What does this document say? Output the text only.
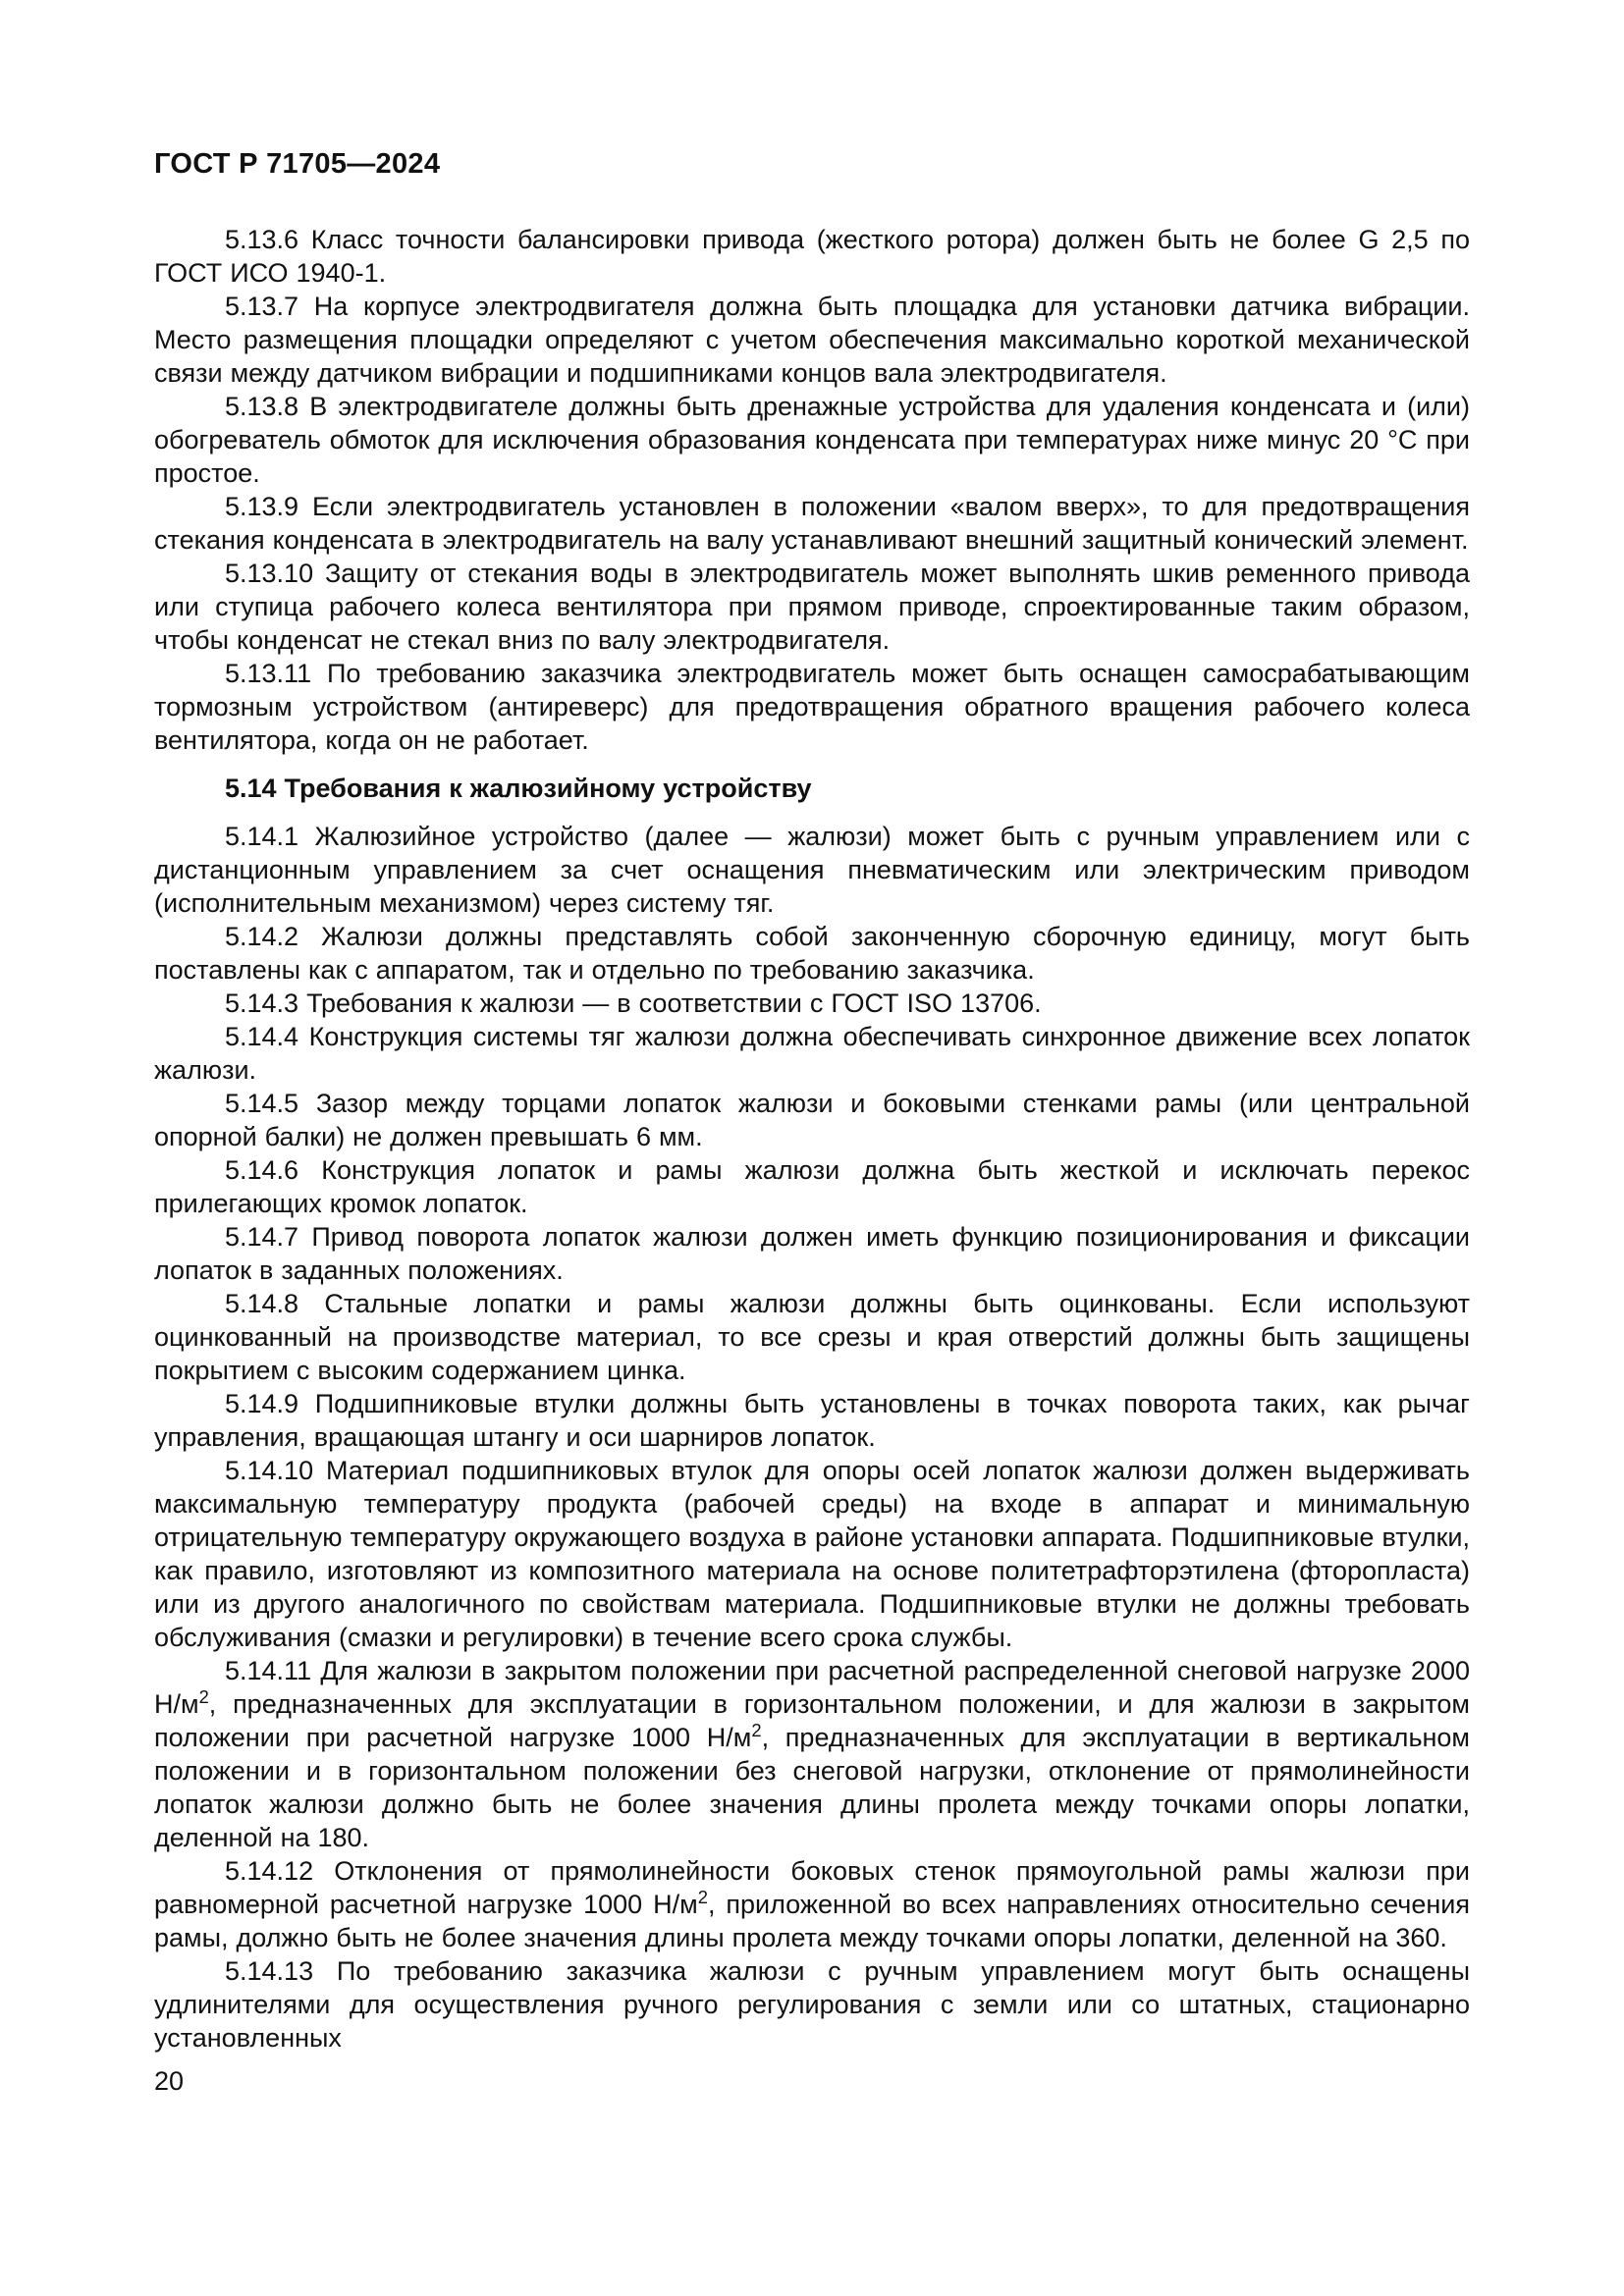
ГОСТ Р 71705—2024

5.13.6 Класс точности балансировки привода (жесткого ротора) должен быть не более G 2,5 по ГОСТ ИСО 1940-1.

5.13.7 На корпусе электродвигателя должна быть площадка для установки датчика вибрации. Место размещения площадки определяют с учетом обеспечения максимально короткой механической связи между датчиком вибрации и подшипниками концов вала электродвигателя.

5.13.8 В электродвигателе должны быть дренажные устройства для удаления конденсата и (или) обогреватель обмоток для исключения образования конденсата при температурах ниже минус 20 °С при простое.

5.13.9 Если электродвигатель установлен в положении «валом вверх», то для предотвращения стекания конденсата в электродвигатель на валу устанавливают внешний защитный конический элемент.

5.13.10 Защиту от стекания воды в электродвигатель может выполнять шкив ременного привода или ступица рабочего колеса вентилятора при прямом приводе, спроектированные таким образом, чтобы конденсат не стекал вниз по валу электродвигателя.

5.13.11 По требованию заказчика электродвигатель может быть оснащен самосрабатывающим тормозным устройством (антиреверс) для предотвращения обратного вращения рабочего колеса вентилятора, когда он не работает.

5.14 Требования к жалюзийному устройству

5.14.1 Жалюзийное устройство (далее — жалюзи) может быть с ручным управлением или с дистанционным управлением за счет оснащения пневматическим или электрическим приводом (исполнительным механизмом) через систему тяг.

5.14.2 Жалюзи должны представлять собой законченную сборочную единицу, могут быть поставлены как с аппаратом, так и отдельно по требованию заказчика.

5.14.3 Требования к жалюзи — в соответствии с ГОСТ ISO 13706.

5.14.4 Конструкция системы тяг жалюзи должна обеспечивать синхронное движение всех лопаток жалюзи.

5.14.5 Зазор между торцами лопаток жалюзи и боковыми стенками рамы (или центральной опорной балки) не должен превышать 6 мм.

5.14.6 Конструкция лопаток и рамы жалюзи должна быть жесткой и исключать перекос прилегающих кромок лопаток.

5.14.7 Привод поворота лопаток жалюзи должен иметь функцию позиционирования и фиксации лопаток в заданных положениях.

5.14.8 Стальные лопатки и рамы жалюзи должны быть оцинкованы. Если используют оцинкованный на производстве материал, то все срезы и края отверстий должны быть защищены покрытием с высоким содержанием цинка.

5.14.9 Подшипниковые втулки должны быть установлены в точках поворота таких, как рычаг управления, вращающая штангу и оси шарниров лопаток.

5.14.10 Материал подшипниковых втулок для опоры осей лопаток жалюзи должен выдерживать максимальную температуру продукта (рабочей среды) на входе в аппарат и минимальную отрицательную температуру окружающего воздуха в районе установки аппарата. Подшипниковые втулки, как правило, изготовляют из композитного материала на основе политетрафторэтилена (фторопласта) или из другого аналогичного по свойствам материала. Подшипниковые втулки не должны требовать обслуживания (смазки и регулировки) в течение всего срока службы.

5.14.11 Для жалюзи в закрытом положении при расчетной распределенной снеговой нагрузке 2000 $Н/м^2$, предназначенных для эксплуатации в горизонтальном положении, и для жалюзи в закрытом положении при расчетной нагрузке 1000 $Н/м^2$, предназначенных для эксплуатации в вертикальном положении и в горизонтальном положении без снеговой нагрузки, отклонение от прямолинейности лопаток жалюзи должно быть не более значения длины пролета между точками опоры лопатки, деленной на 180.

5.14.12 Отклонения от прямолинейности боковых стенок прямоугольной рамы жалюзи при равномерной расчетной нагрузке 1000 $Н/м^2$, приложенной во всех направлениях относительно сечения рамы, должно быть не более значения длины пролета между точками опоры лопатки, деленной на 360.

5.14.13 По требованию заказчика жалюзи с ручным управлением могут быть оснащены удлинителями для осуществления ручного регулирования с земли или со штатных, стационарно установленных

20
